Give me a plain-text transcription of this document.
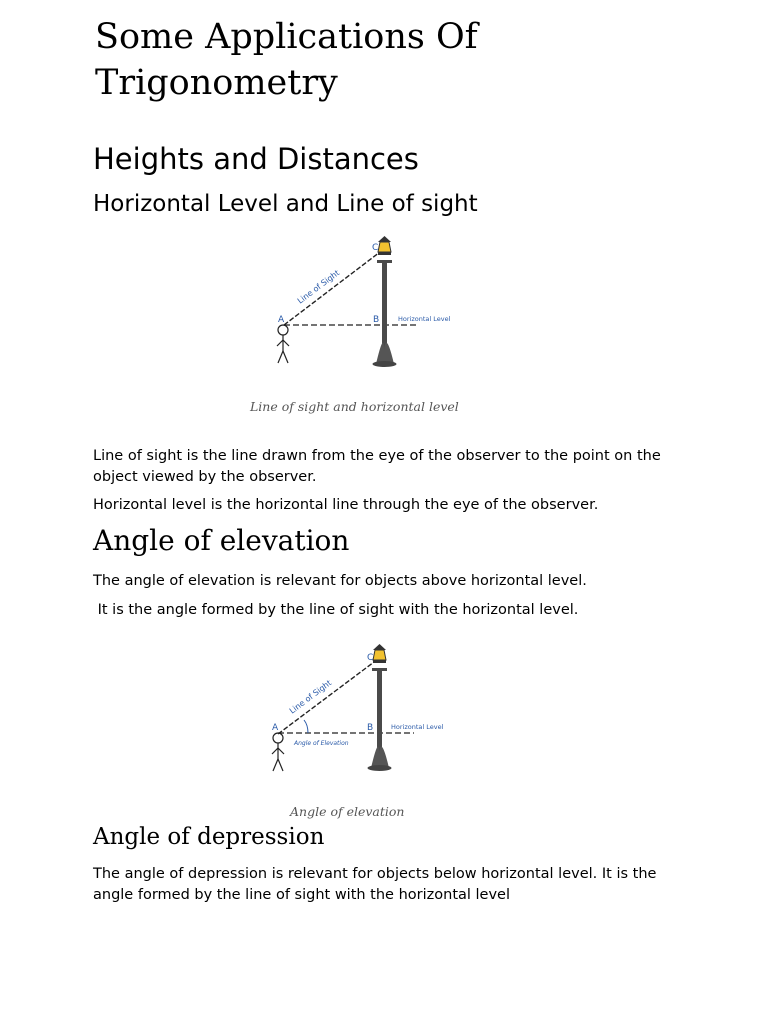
Some Applications Of Trigonometry
Heights and Distances
Horizontal Level and Line of sight
A	B
C
Line of Sight
Horizontal Level
Line of sight and horizontal level

Line of sight is the line drawn from the eye of the observer to the point on the object viewed by the observer.

Horizontal level is the horizontal line through the eye of the observer.

Angle of elevation

The angle of elevation is relevant for objects above horizontal level.

It is the angle formed by the line of sight with the horizontal level.

A	B
C
Line of Sight
Horizontal Level
Angle of Elevation
Angle of elevation
Angle of depression

The angle of depression is relevant for objects below horizontal level. It is the angle formed by the line of sight with the horizontal level
